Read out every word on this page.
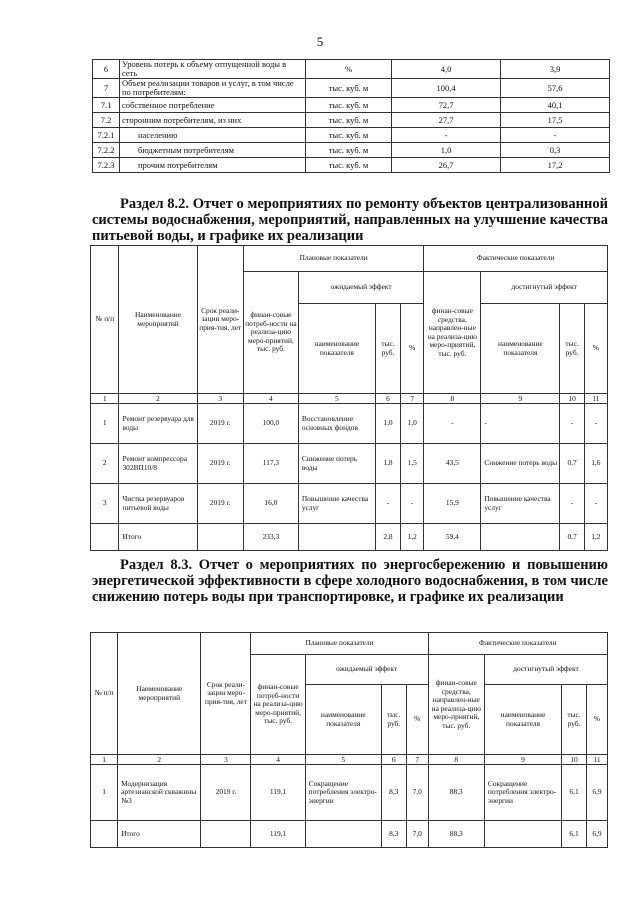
5
6	Уровень потерь к объему отпущенной воды в сеть	%	4,0	3,9
7	Объем реализации товаров и услуг, в том числе по потребителям:	тыс. куб. м	100,4	57,6
7.1	собственное потребление	тыс. куб. м	72,7	40,1
7.2	сторонним потребителям, из них	тыс. куб. м	27,7	17,5
7.2.1	населению	тыс. куб. м	-	-
7.2.2	бюджетным потребителям	тыс. куб. м	1,0	0,3
7.2.3	прочим потребителям	тыс. куб. м	26,7	17,2
Раздел 8.2. Отчет о мероприятиях по ремонту объектов централизованной системы водоснабжения, мероприятий, направленных на улучшение качества питьевой воды, и графике их реализации
№ п/п	Наименование мероприятий	Срок реали-зации меро-прия-тия, лет	Плановые показатели				Фактические показатели			
			финан-совые потреб-ности на реализа-цию меро-приятий, тыс. руб.	ожидаемый эффект			финан-совые средства, направлен-ные на реализа-цию меро-приятий, тыс. руб.	достигнутый эффект		
				наименование показателя	тыс. руб.	%		наименование показателя	тыс. руб.	%
1	2	3	4	5	6	7	8	9	10	11
1	Ремонт резервуара для воды	2019 г.	100,0	Восстановление основных фондов	1,0	1,0	-	-	-	-
2	Ремонт компрессора 302ВП10/8	2019 г.	117,3	Снижение потерь воды	1,8	1,5	43,5	Снижение потерь воды	0,7	1,6
3	Чистка резервуаров питьевой воды	2019 г.	16,0	Повышение качества услуг	-	-	15,9	Повышение качества услуг	-	-
	Итого		233,3		2,8	1,2	59,4		0,7	1,2
Раздел 8.3. Отчет о мероприятиях по энергосбережению и повышению энергетической эффективности в сфере холодного водоснабжения, в том числе снижению потерь воды при транспортировке, и графике их реализации
№ п/п	Наименование мероприятий	Срок реали-зации меро-прия-тия, лет	Плановые показатели				Фактические показатели			
			финан-совые потреб-ности на реализа-цию меро-приятий, тыс. руб.	ожидаемый эффект			финан-совые средства, направлен-ные на реализа-цию меро-приятий, тыс. руб.	достигнутый эффект		
				наименование показателя	тыс. руб.	%		наименование показателя	тыс. руб.	%
1	2	3	4	5	6	7	8	9	10	11
1	Модернизация артезианской скважины №3	2019 г.	119,1	Сокращение потребления электро-энергии	8,3	7,0	88,3	Сокращение потребления электро-энергии	6,1	6,9
	Итого		119,1		8,3	7,0	88,3		6,1	6,9
